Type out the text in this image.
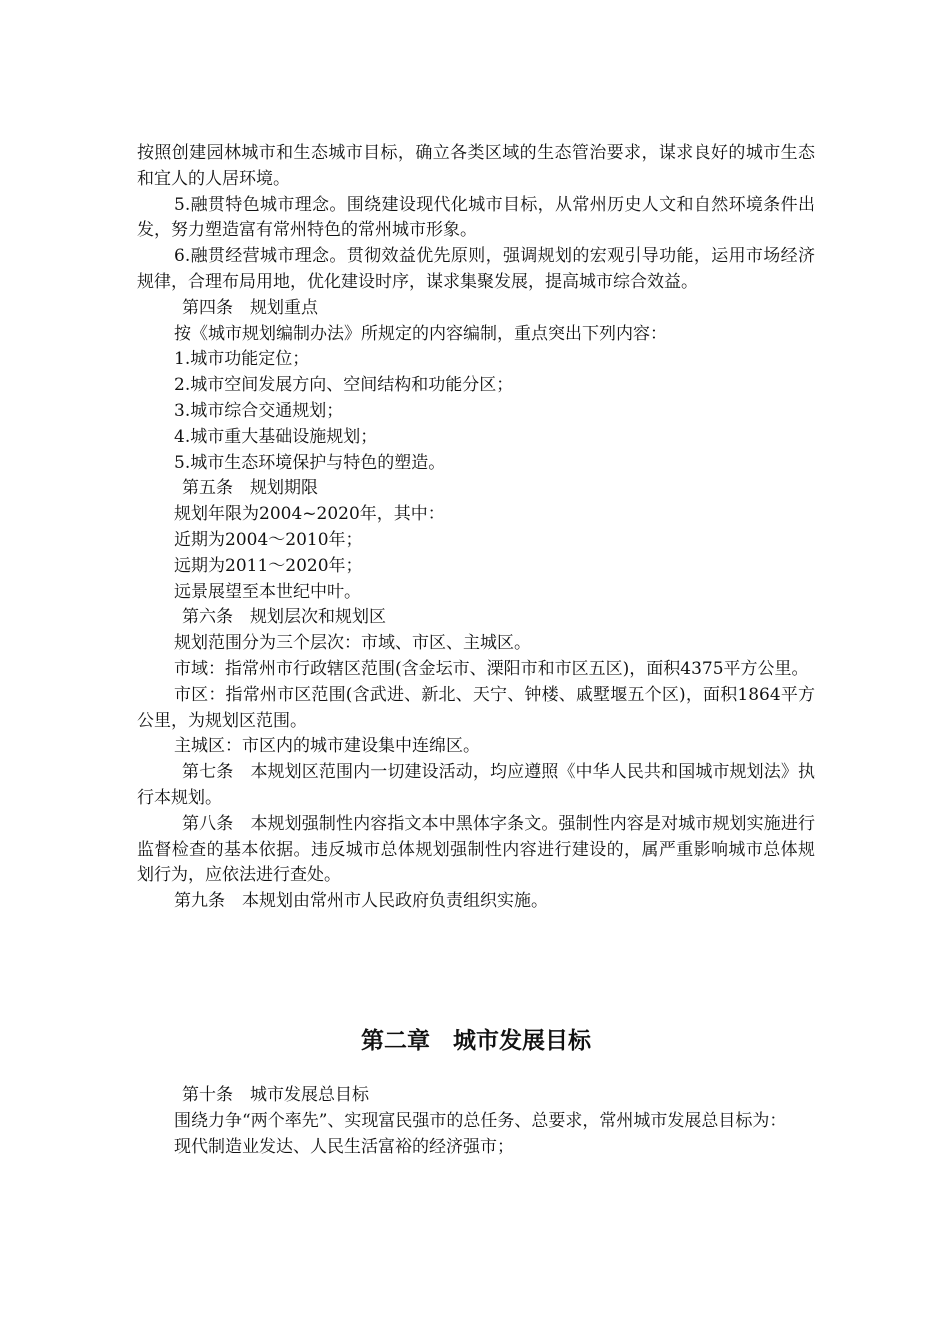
按照创建园林城市和生态城市目标，确立各类区域的生态管治要求，谋求良好的城市生态和宜人的人居环境。

5.融贯特色城市理念。围绕建设现代化城市目标，从常州历史人文和自然环境条件出发，努力塑造富有常州特色的常州城市形象。

6.融贯经营城市理念。贯彻效益优先原则，强调规划的宏观引导功能，运用市场经济规律，合理布局用地，优化建设时序，谋求集聚发展，提高城市综合效益。

第四条　规划重点

按《城市规划编制办法》所规定的内容编制，重点突出下列内容：

1.城市功能定位；

2.城市空间发展方向、空间结构和功能分区；

3.城市综合交通规划；

4.城市重大基础设施规划；

5.城市生态环境保护与特色的塑造。

第五条　规划期限

规划年限为2004~2020年，其中：

近期为2004～2010年；

远期为2011～2020年；

远景展望至本世纪中叶。

第六条　规划层次和规划区

规划范围分为三个层次：市域、市区、主城区。

市域：指常州市行政辖区范围(含金坛市、溧阳市和市区五区)，面积4375平方公里。

市区：指常州市区范围(含武进、新北、天宁、钟楼、戚墅堰五个区)，面积1864平方公里，为规划区范围。

主城区：市区内的城市建设集中连绵区。

第七条　本规划区范围内一切建设活动，均应遵照《中华人民共和国城市规划法》执行本规划。

第八条　本规划强制性内容指文本中黑体字条文。强制性内容是对城市规划实施进行监督检查的基本依据。违反城市总体规划强制性内容进行建设的，属严重影响城市总体规划行为，应依法进行查处。

第九条　本规划由常州市人民政府负责组织实施。

第二章　城市发展目标

第十条　城市发展总目标

围绕力争“两个率先”、实现富民强市的总任务、总要求，常州城市发展总目标为：

现代制造业发达、人民生活富裕的经济强市；
